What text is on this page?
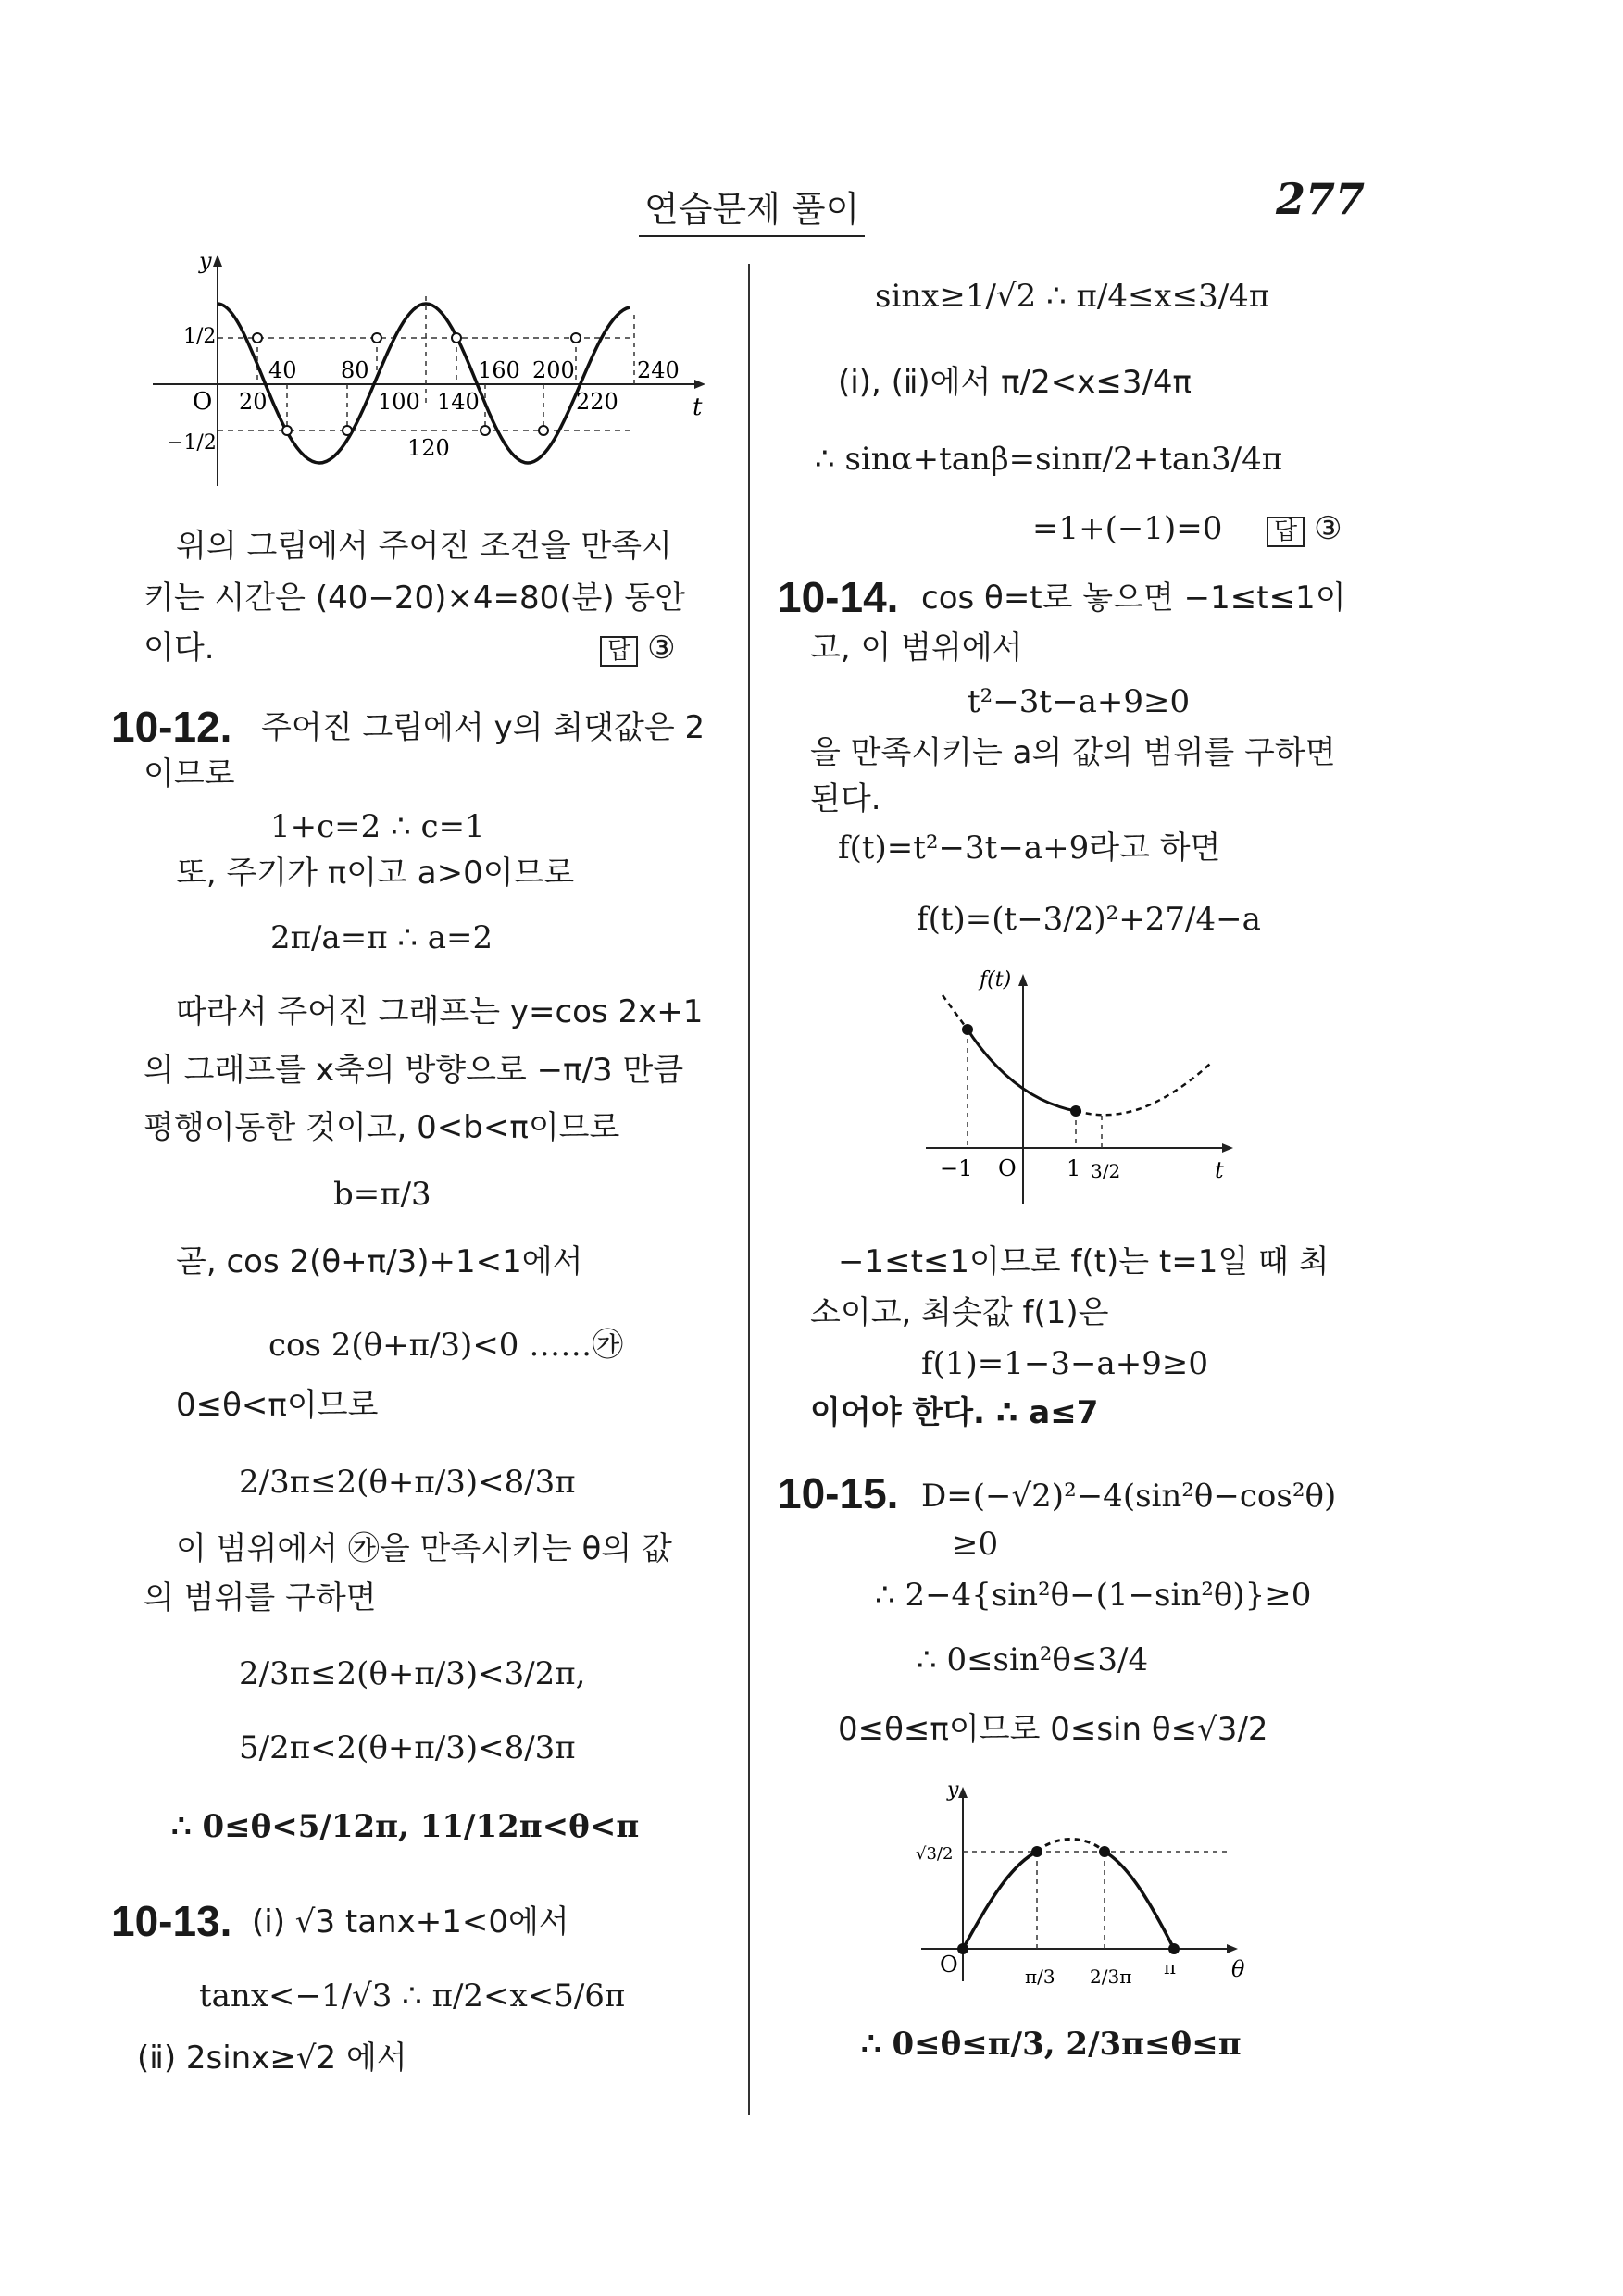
연습문제 풀이	277
y
t
O
1/2
−1/2
20
40 80
100 140
120
160 200
220
240
위의 그림에서 주어진 조건을 만족시
키는 시간은 (40−20)×4=80(분) 동안
이다.	답 ③
10-12. 주어진 그림에서 y의 최댓값은 2
이므로
1+c=2 ∴ c=1
또, 주기가 π이고 a>0이므로
2π/a=π ∴ a=2
따라서 주어진 그래프는 y=cos 2x+1
의 그래프를 x축의 방향으로 −π/3 만큼
평행이동한 것이고, 0<b<π이므로
b=π/3
곧, cos 2(θ+π/3)+1<1에서
cos 2(θ+π/3)<0 ……㉮
0≤θ<π이므로
2/3π≤2(θ+π/3)<8/3π
이 범위에서 ㉮을 만족시키는 θ의 값
의 범위를 구하면
2/3π≤2(θ+π/3)<3/2π,
5/2π<2(θ+π/3)<8/3π
∴ 0≤θ<5/12π, 11/12π<θ<π
10-13. (ⅰ) √3 tanx+1<0에서
tanx<−1/√3 ∴ π/2<x<5/6π
(ⅱ) 2sinx≥√2 에서
sinx≥1/√2 ∴ π/4≤x≤3/4π
(ⅰ), (ⅱ)에서 π/2<x≤3/4π
∴ sinα+tanβ=sinπ/2+tan3/4π
=1+(−1)=0	답 ③
10-14. cos θ=t로 놓으면 −1≤t≤1이
고, 이 범위에서
t²−3t−a+9≥0
을 만족시키는 a의 값의 범위를 구하면
된다.
f(t)=t²−3t−a+9라고 하면
f(t)=(t−3/2)²+27/4−a
f(t)
t
O
−1	1 3/2
−1≤t≤1이므로 f(t)는 t=1일 때 최
소이고, 최솟값 f(1)은
f(1)=1−3−a+9≥0
이어야 한다. ∴ a≤7
10-15. D=(−√2)²−4(sin²θ−cos²θ)
≥0
∴ 2−4{sin²θ−(1−sin²θ)}≥0
∴ 0≤sin²θ≤3/4
0≤θ≤π이므로 0≤sin θ≤√3/2
y
θ
O
√3/2
π/3 2/3π π
∴ 0≤θ≤π/3, 2/3π≤θ≤π
